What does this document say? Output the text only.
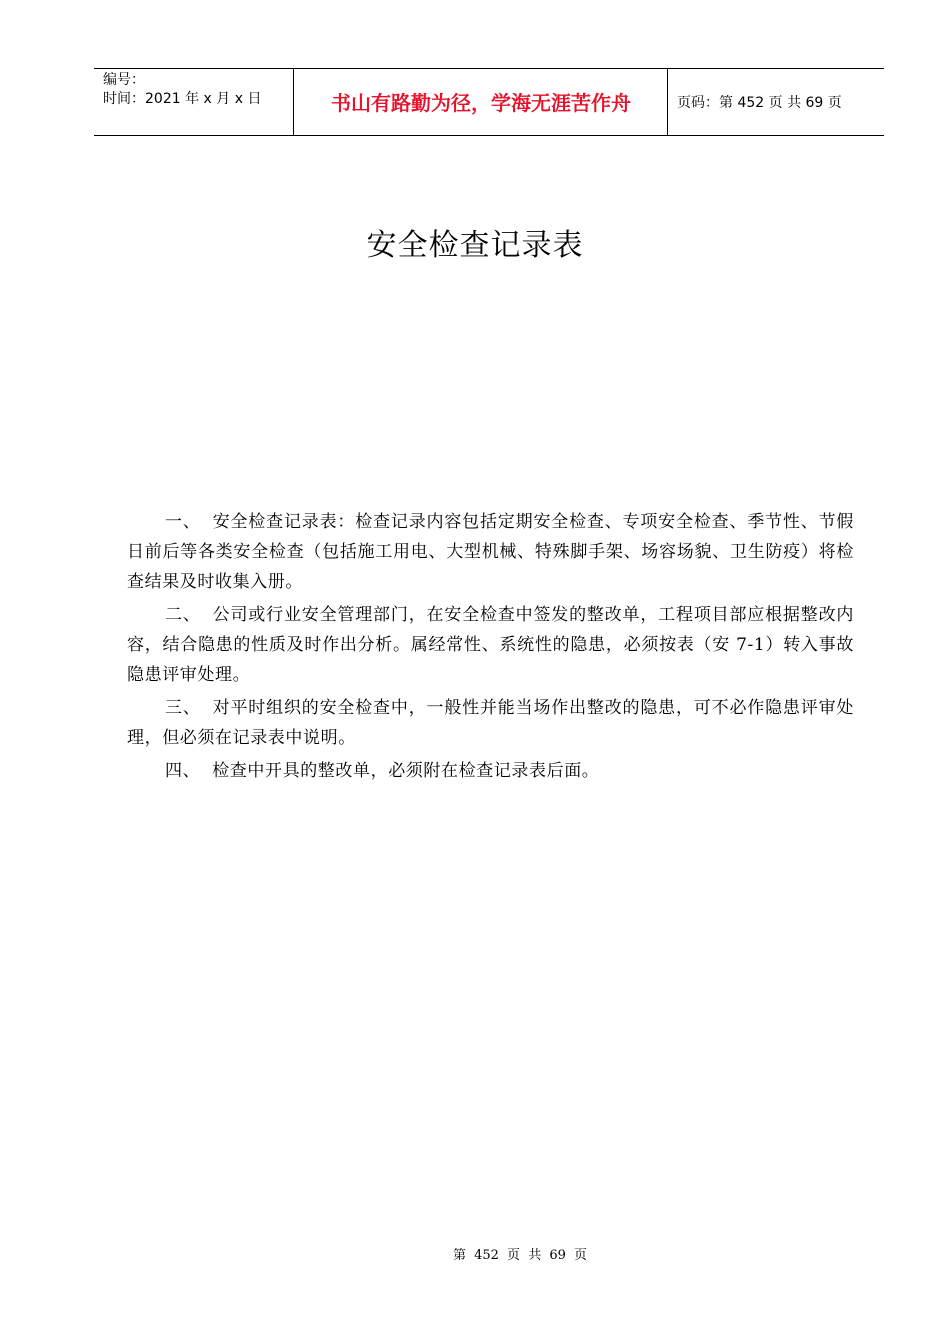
编号：
时间：2021 年 x 月 x 日	书山有路勤为径，学海无涯苦作舟	页码：第 452 页 共 69 页
安全检查记录表

一、 安全检查记录表：检查记录内容包括定期安全检查、专项安全检查、季节性、节假日前后等各类安全检查（包括施工用电、大型机械、特殊脚手架、场容场貌、卫生防疫）将检查结果及时收集入册。

二、 公司或行业安全管理部门，在安全检查中签发的整改单，工程项目部应根据整改内容，结合隐患的性质及时作出分析。属经常性、系统性的隐患，必须按表（安 7-1）转入事故隐患评审处理。

三、 对平时组织的安全检查中，一般性并能当场作出整改的隐患，可不必作隐患评审处理，但必须在记录表中说明。

四、 检查中开具的整改单，必须附在检查记录表后面。

第 452 页 共 69 页
